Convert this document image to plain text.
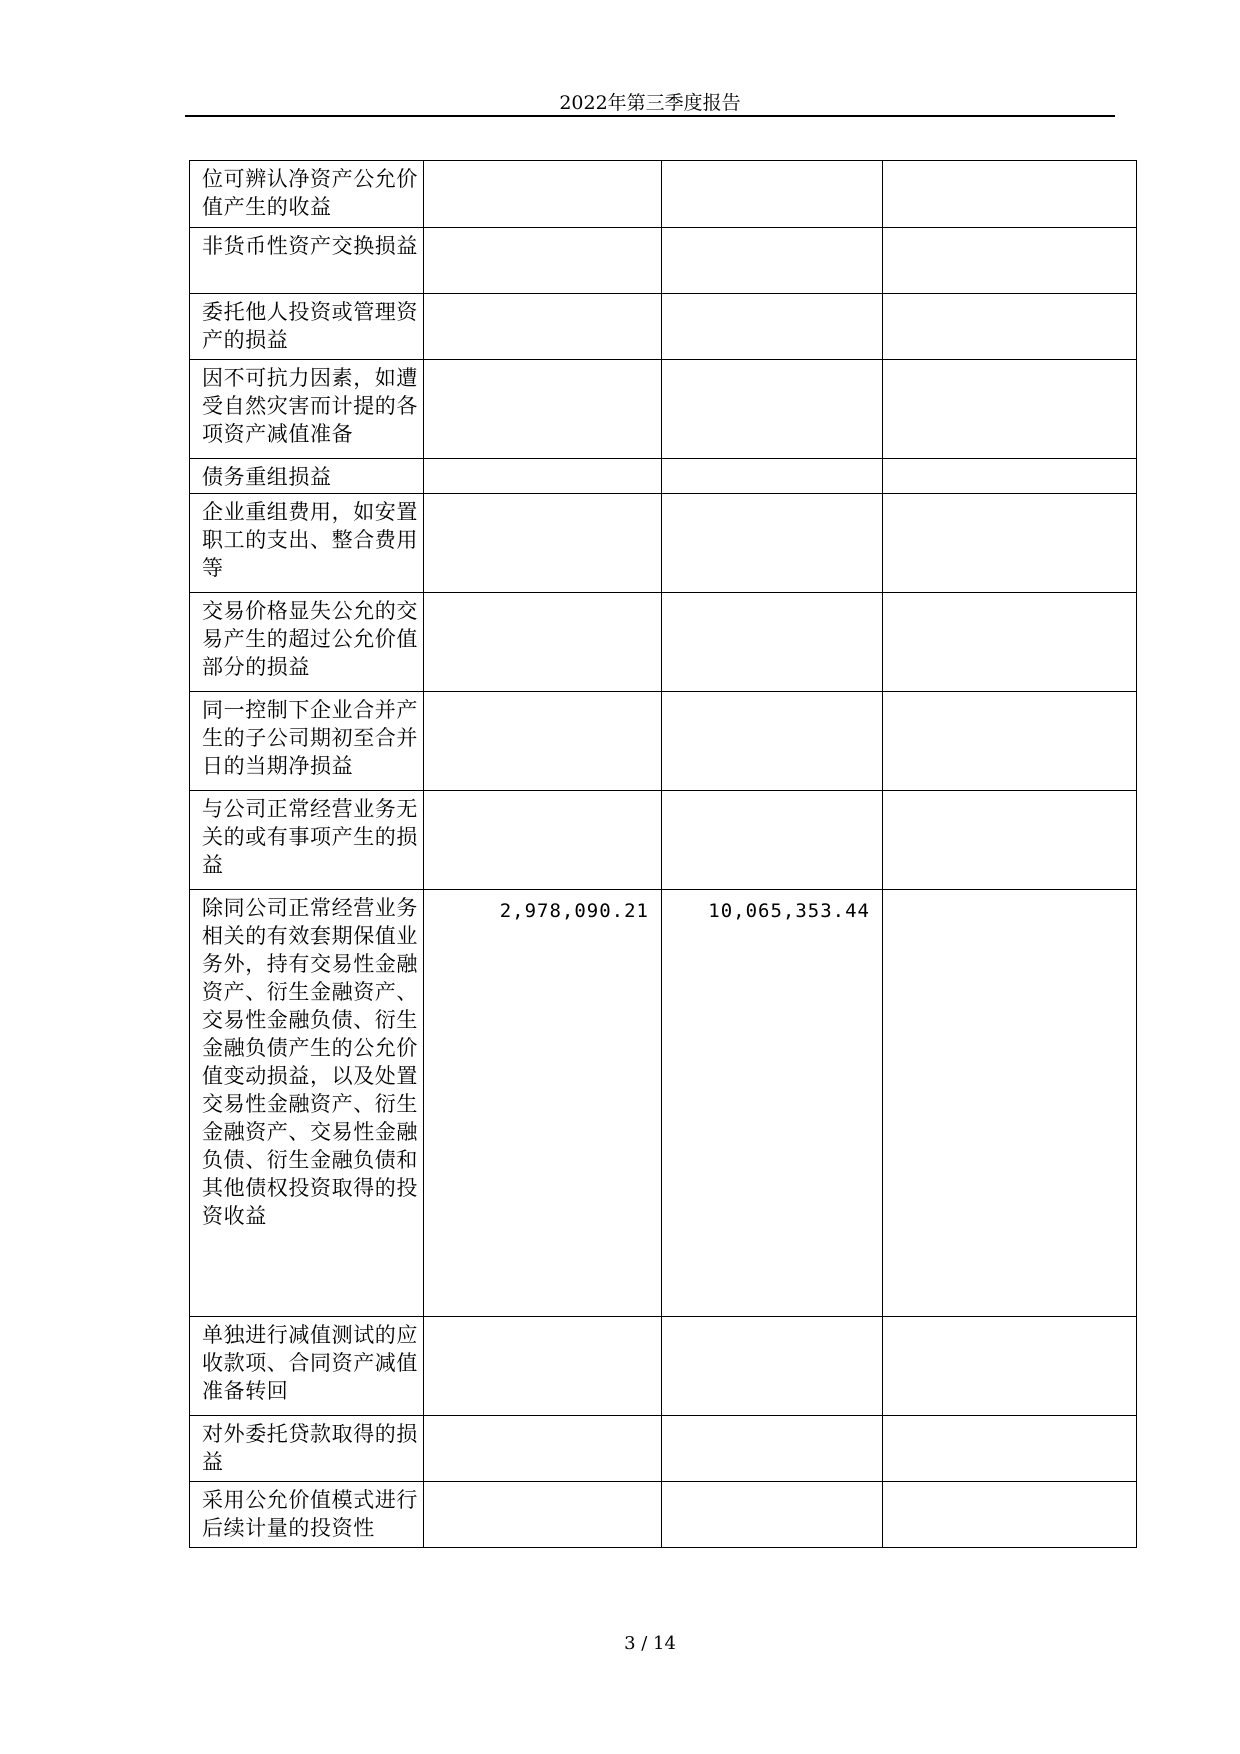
2022年第三季度报告
位可辨认净资产公允价值产生的收益			
非货币性资产交换损益			
委托他人投资或管理资产的损益			
因不可抗力因素，如遭受自然灾害而计提的各项资产减值准备			
债务重组损益			
企业重组费用，如安置职工的支出、整合费用等			
交易价格显失公允的交易产生的超过公允价值部分的损益			
同一控制下企业合并产生的子公司期初至合并日的当期净损益			
与公司正常经营业务无关的或有事项产生的损益			
除同公司正常经营业务相关的有效套期保值业务外，持有交易性金融资产、衍生金融资产、交易性金融负债、衍生金融负债产生的公允价值变动损益，以及处置交易性金融资产、衍生金融资产、交易性金融负债、衍生金融负债和其他债权投资取得的投资收益	2,978,090.21	10,065,353.44	
单独进行减值测试的应收款项、合同资产减值准备转回			
对外委托贷款取得的损益			
采用公允价值模式进行后续计量的投资性			
3 / 14
